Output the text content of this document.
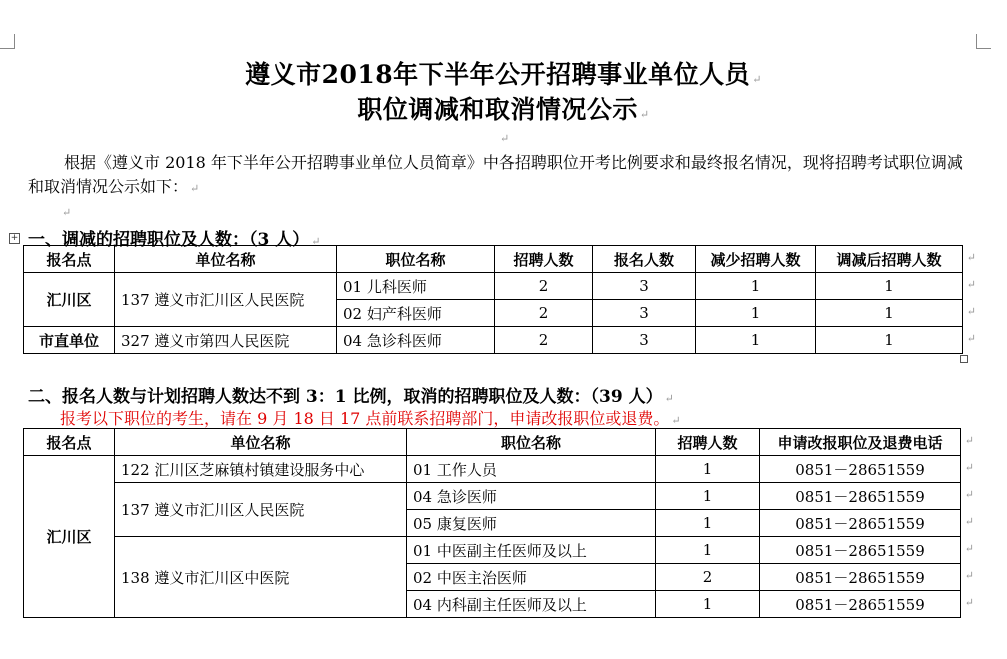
遵义市2018年下半年公开招聘事业单位人员 ↵
职位调减和取消情况公示 ↵
↵
根据《遵义市 2018 年下半年公开招聘事业单位人员简章》中各招聘职位开考比例要求和最终报名情况，现将招聘考试职位调减和取消情况公示如下： ↵
↵
+ 一、调减的招聘职位及人数：（3 人） ↵
报名点	单位名称	职位名称	招聘人数	报名人数	减少招聘人数	调减后招聘人数 ↵

汇川区	137 遵义市汇川区人民医院	01 儿科医师	2	3	1	1 ↵

		02 妇产科医师	2	3	1	1 ↵

市直单位	327 遵义市第四人民医院	04 急诊科医师	2	3	1	1 ↵
二、报名人数与计划招聘人数达不到 3：1 比例，取消的招聘职位及人数：（39 人） ↵
报考以下职位的考生，请在 9 月 18 日 17 点前联系招聘部门，申请改报职位或退费。 ↵
报名点	单位名称	职位名称	招聘人数	申请改报职位及退费电话 ↵

汇川区	122 汇川区芝麻镇村镇建设服务中心	01 工作人员	1	0851－28651559 ↵

	137 遵义市汇川区人民医院	04 急诊医师	1	0851－28651559 ↵

		05 康复医师	1	0851－28651559 ↵

	138 遵义市汇川区中医院	01 中医副主任医师及以上	1	0851－28651559 ↵

		02 中医主治医师	2	0851－28651559 ↵

		04 内科副主任医师及以上	1	0851－28651559 ↵
